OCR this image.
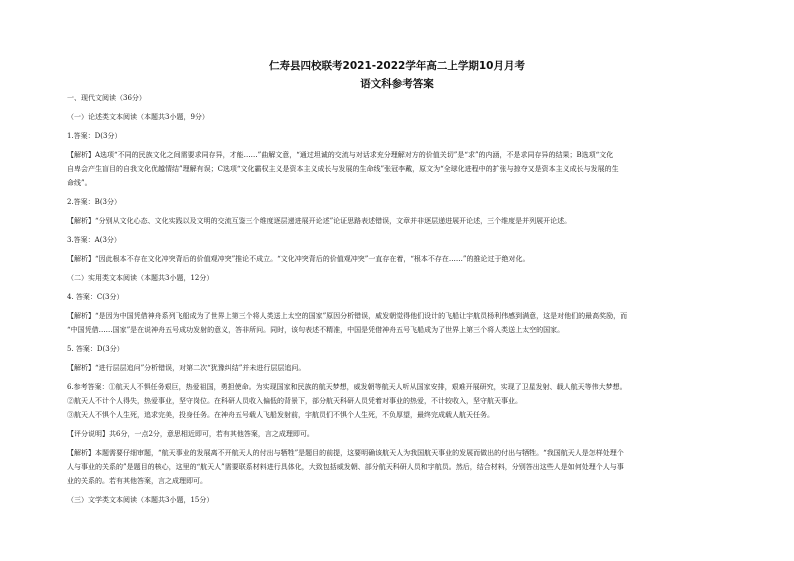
仁寿县四校联考2021-2022学年高二上学期10月月考
语文科参考答案

一、现代文阅读（36分）

（一）论述类文本阅读（本题共3小题，9分）

1.答案：D(3分）

【解析】A选项“不同的民族文化之间需要求同存异，才能……”曲解文意，“通过坦诚的交流与对话求充分理解对方的价值关切”是“求”的内涵，不是求同存异的结果；B选项“文化

自卑会产生盲目的自我文化优越情结”理解有误；C选项“文化霸权主义是资本主义成长与发展的生命线”张冠李戴，原文为“全球化进程中的扩张与掠夺又是资本主义成长与发展的生

命线”。

2.答案：B(3分）

【解析】“分别从文化心态、文化实践以及文明的交流互鉴三个维度逐层递进展开论述”论证思路表述错误，文章并非逐层递进展开论述，三个维度是并列展开论述。

3.答案：A(3分）

【解析】“因此根本不存在文化冲突背后的价值观冲突”推论不成立。“文化冲突背后的价值观冲突”一直存在着，“根本不存在……”的推论过于绝对化。

（二）实用类文本阅读（本题共3小题，12分）

4. 答案：C(3分）

【解析】“是因为中国凭借神舟系列飞船成为了世界上第三个将人类送上太空的国家”原因分析错误，威发朝觉得他们设计的飞船让宇航员杨利伟感到满意，这是对他们的最高奖励，而

“中国凭借……国家”是在说神舟五号成功发射的意义，答非所问。同时，该句表述不精准，中国是凭借神舟五号飞船成为了世界上第三个将人类送上太空的国家。

5. 答案：D(3分）

【解析】“进行层层追问”分析错误，对第二次“犹豫纠结”并未进行层层追问。

6.参考答案：①航天人不惧任务艰巨，热爱祖国，勇担使命。为实现国家和民族的航天梦想，威发朝等航天人听从国家安排，艰难开展研究，实现了卫星发射、载人航天等伟大梦想。

②航天人不计个人得失，热爱事业，坚守岗位。在科研人员收入偏低的背景下，部分航天科研人员凭着对事业的热爱，不计较收入，坚守航天事业。

③航天人不惧个人生死，追求完美，投身任务。在神舟五号载人飞船发射前，宇航员们不惧个人生死，不负厚望，最终完成载人航天任务。

【评分说明】共6分，一点2分，意思相近即可，若有其他答案，言之成理即可。

【解析】本题需要仔细审题，“航天事业的发展离不开航天人的付出与牺牲”是题目的前提，这要明确该航天人为我国航天事业的发展而做出的付出与牺牲。“我国航天人是怎样处理个

人与事业的关系的”是题目的核心，这里的“航天人”需要联系材料进行具体化，大致包括威发朝、部分航天科研人员和宇航员。然后，结合材料，分别答出这些人是如何处理个人与事

业的关系的。若有其他答案，言之成理即可。

（三）文学类文本阅读（本题共3小题，15分）
